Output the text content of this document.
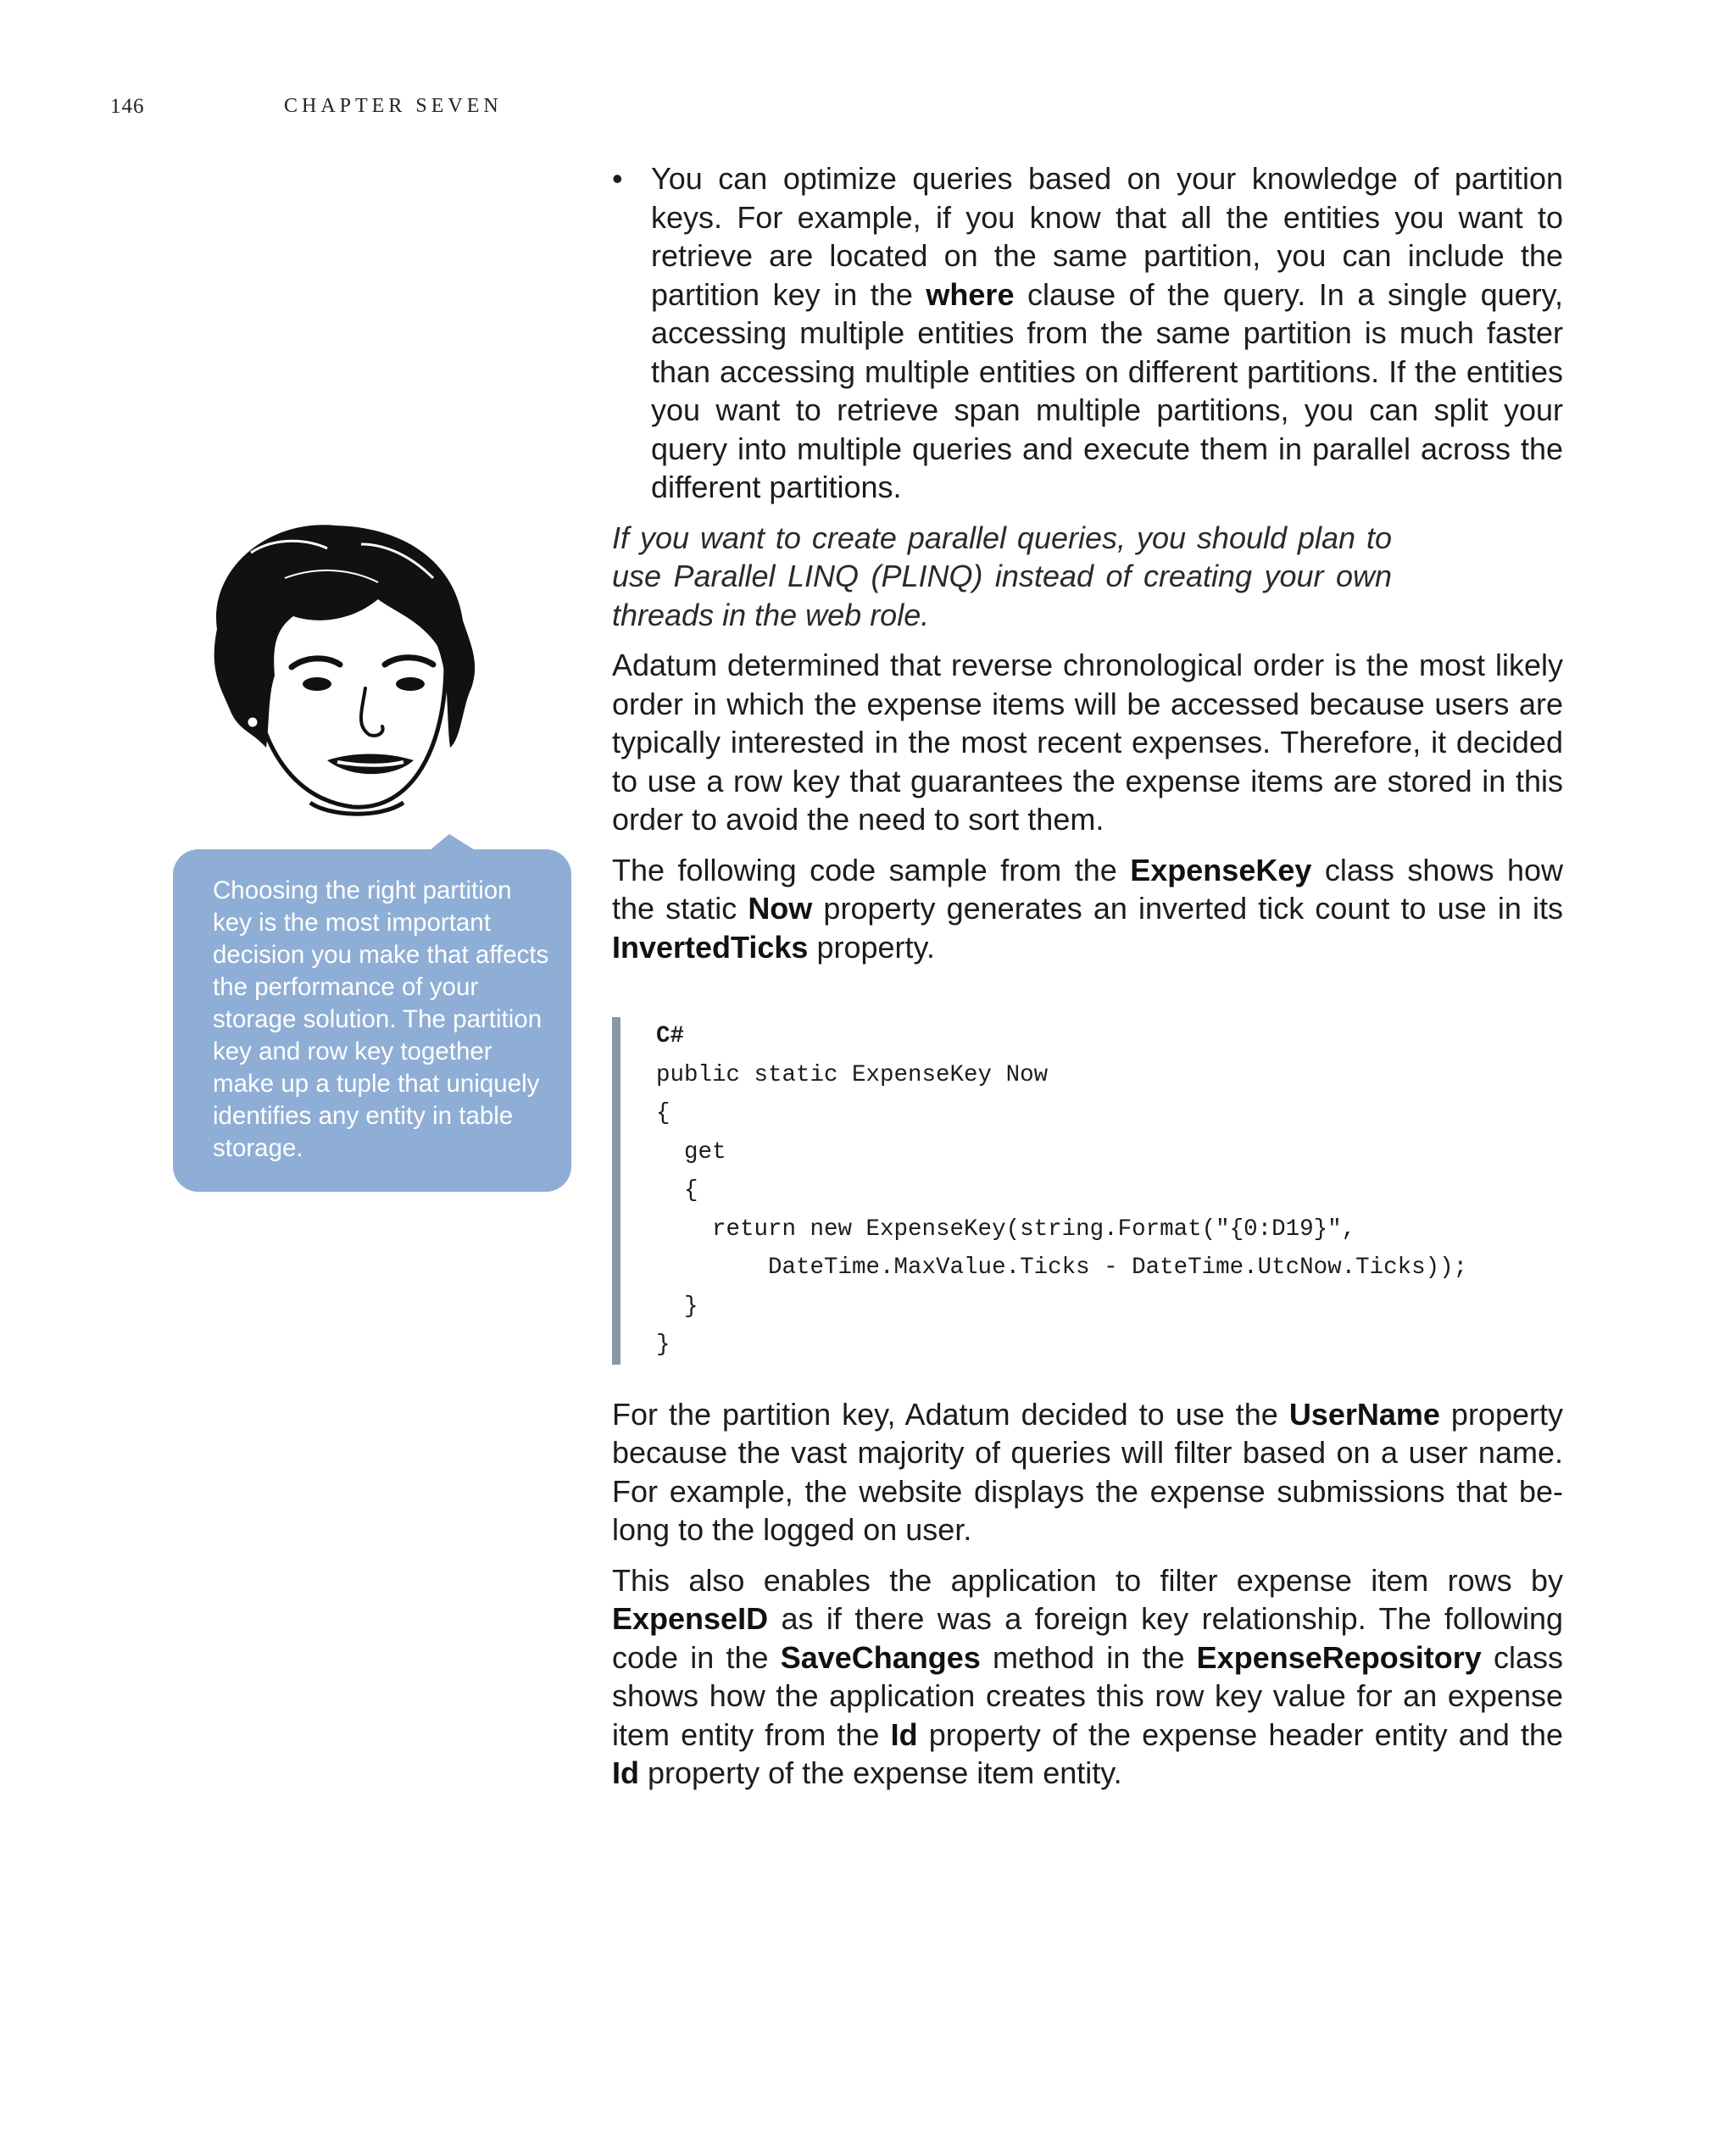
146	CHAPTER SEVEN
Choosing the right partition key is the most important decision you make that affects the performance of your storage solution. The partition key and row key together make up a tuple that uniquely identifies any entity in table storage.
• You can optimize queries based on your knowledge of partition keys. For example, if you know that all the entities you want to retrieve are located on the same partition, you can include the partition key in the where clause of the query. In a single query, accessing multiple entities from the same partition is much faster than accessing multiple entities on different partitions. If the entities you want to retrieve span multiple partitions, you can split your query into multiple queries and execute them in parallel across the different partitions.

If you want to create parallel queries, you should plan to use Parallel LINQ (PLINQ) instead of creating your own threads in the web role.

Adatum determined that reverse chronological order is the most likely order in which the expense items will be accessed because users are typically interested in the most recent expenses. Therefore, it decided to use a row key that guarantees the expense items are stored in this order to avoid the need to sort them.

The following code sample from the ExpenseKey class shows how the static Now property generates an inverted tick count to use in its InvertedTicks property.

C#
public static ExpenseKey Now
{
get
{
return new ExpenseKey(string.Format("{0:D19}",
DateTime.MaxValue.Ticks - DateTime.UtcNow.Ticks));
}
}

For the partition key, Adatum decided to use the UserName property because the vast majority of queries will filter based on a user name. For example, the website displays the expense submissions that belong to the logged on user.

This also enables the application to filter expense item rows by ExpenseID as if there was a foreign key relationship. The following code in the SaveChanges method in the ExpenseRepository class shows how the application creates this row key value for an expense item entity from the Id property of the expense header entity and the Id property of the expense item entity.
